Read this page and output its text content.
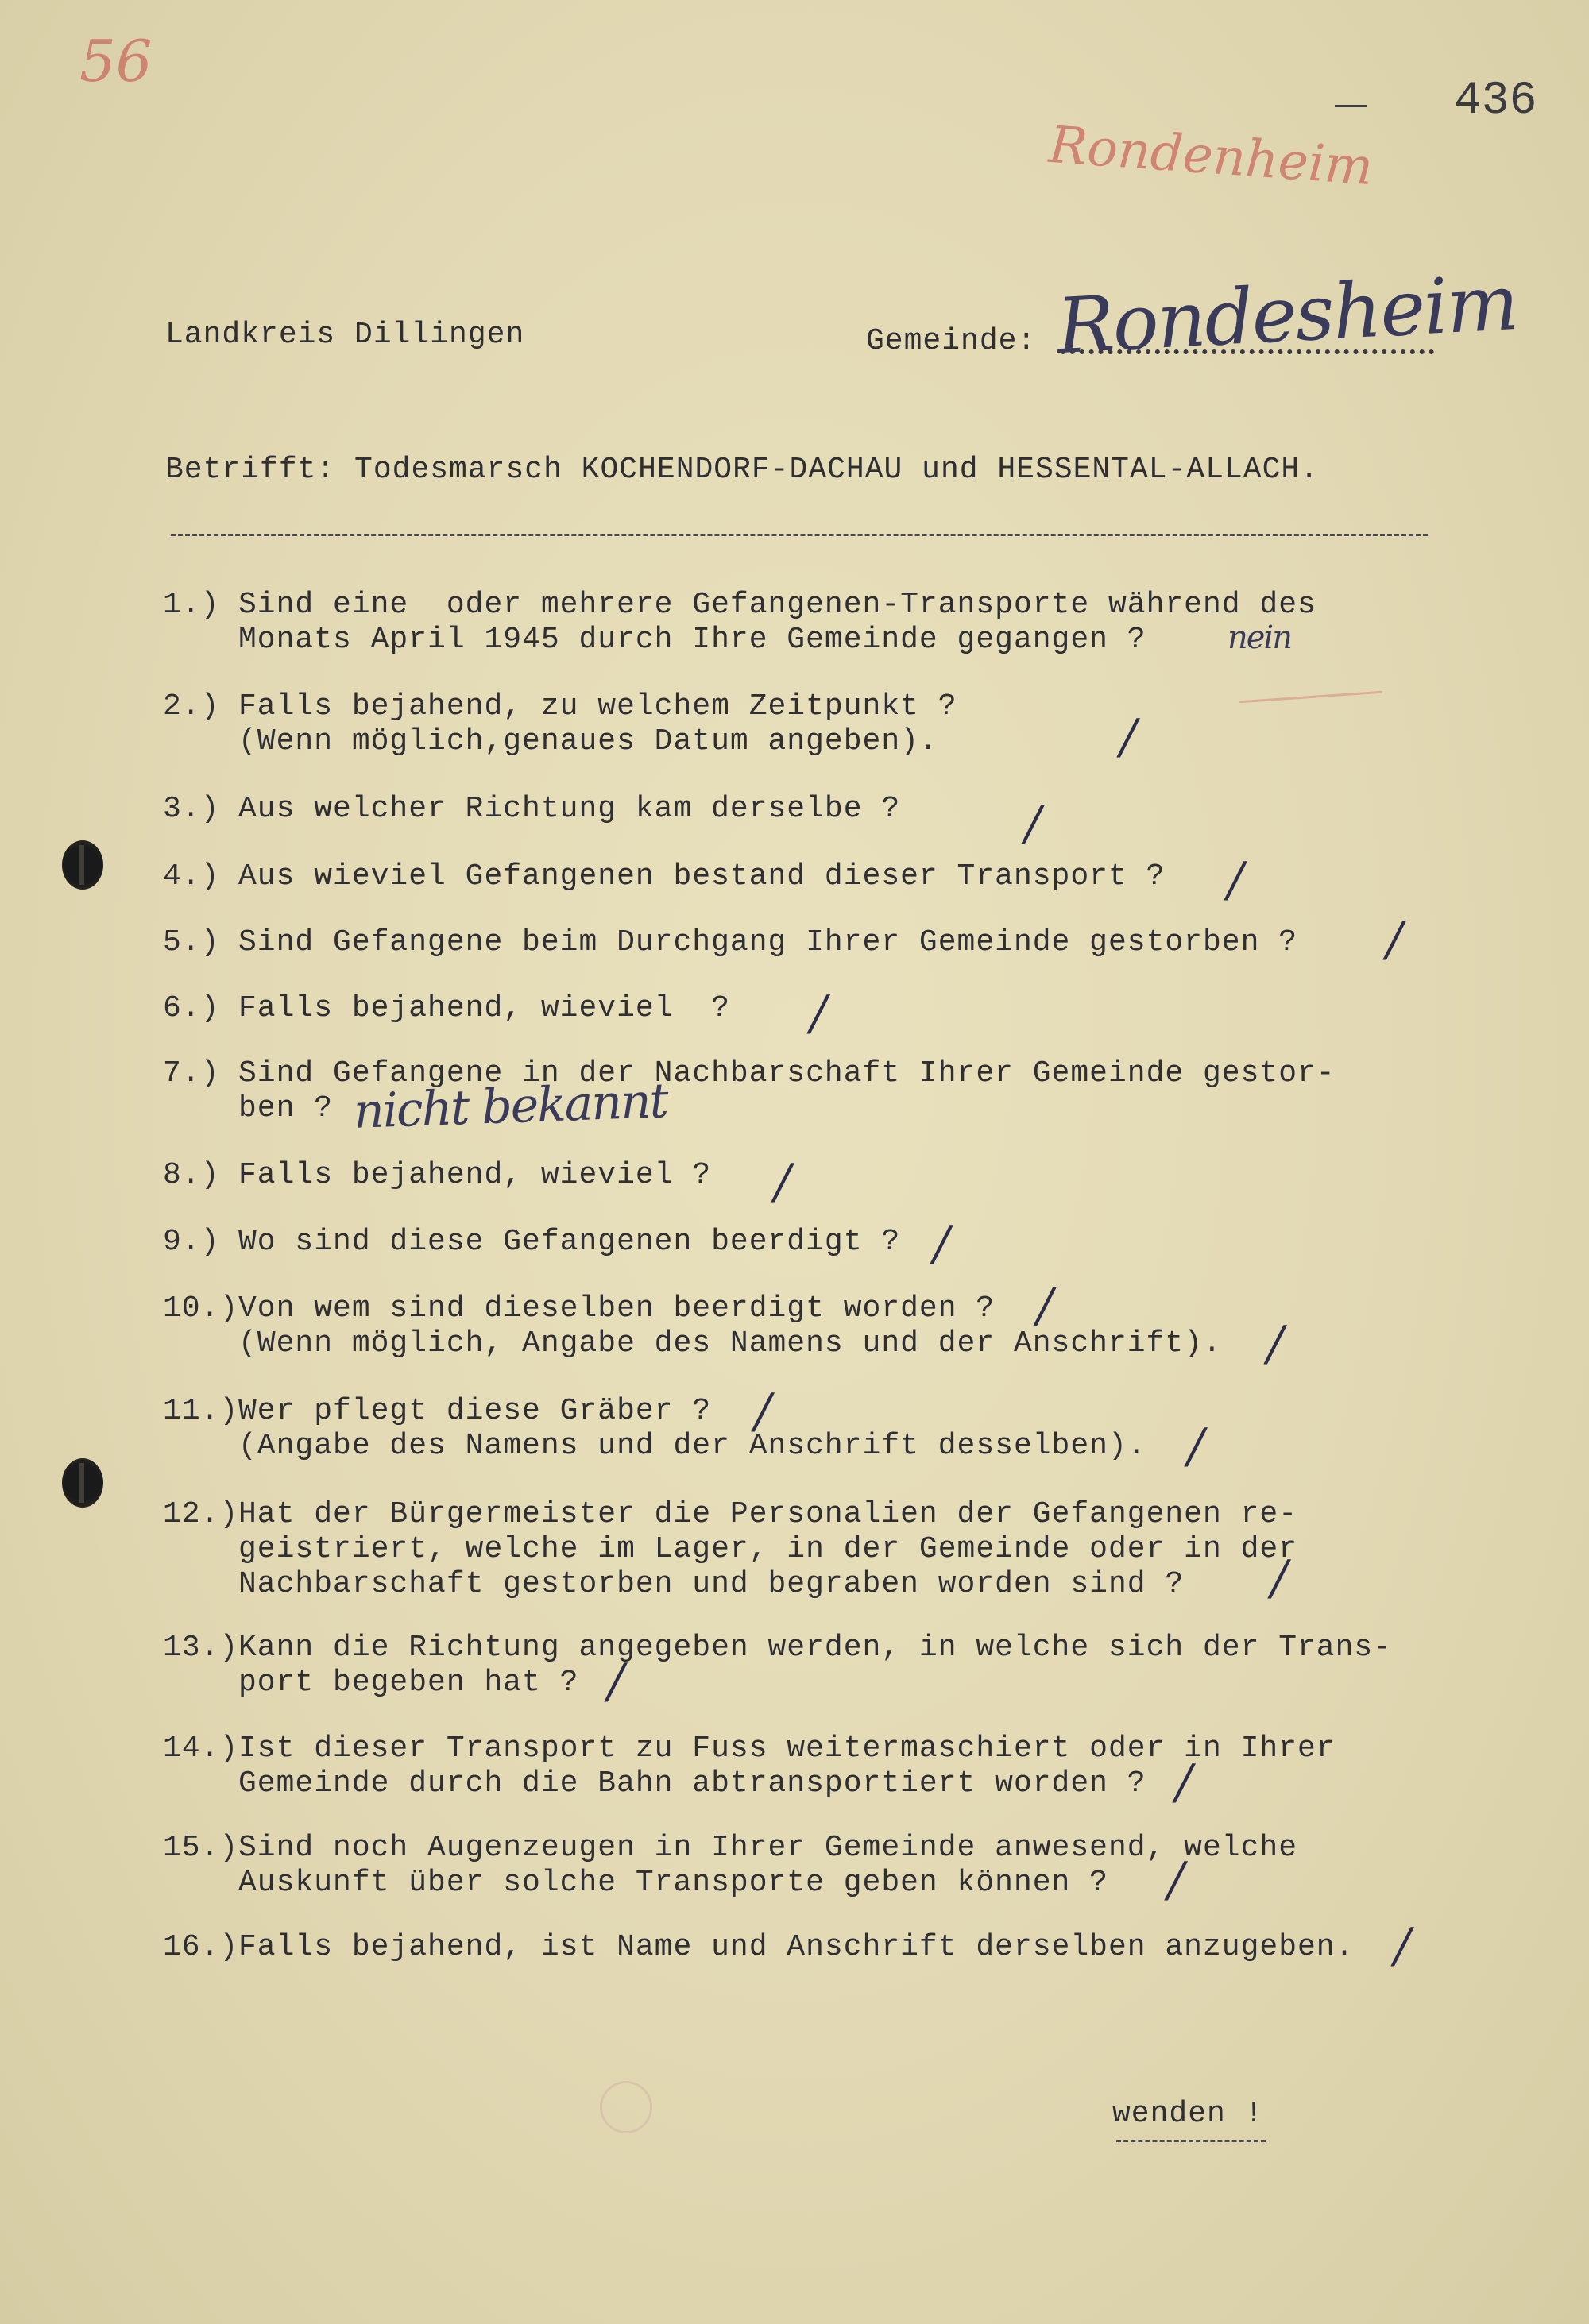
56
436
Rondenheim
Landkreis Dillingen	Gemeinde: Rondesheim
Betrifft: Todesmarsch KOCHENDORF-DACHAU und HESSENTAL-ALLACH.
1.) Sind eine  oder mehrere Gefangenen-Transporte während des
Monats April 1945 durch Ihre Gemeinde gegangen ?	nein
2.) Falls bejahend, zu welchem Zeitpunkt ?
(Wenn möglich,genaues Datum angeben).	/
3.) Aus welcher Richtung kam derselbe ?	/
4.) Aus wieviel Gefangenen bestand dieser Transport ? /
5.) Sind Gefangene beim Durchgang Ihrer Gemeinde gestorben ? /
6.) Falls bejahend, wieviel  ? /
7.) Sind Gefangene in der Nachbarschaft Ihrer Gemeinde gestor-
ben ? nicht bekannt
8.) Falls bejahend, wieviel ? /
9.) Wo sind diese Gefangenen beerdigt ? /
10.) Von wem sind dieselben beerdigt worden ?
(Wenn möglich, Angabe des Namens und der Anschrift).
/
/
11.) Wer pflegt diese Gräber ?
(Angabe des Namens und der Anschrift desselben).
/
/
12.) Hat der Bürgermeister die Personalien der Gefangenen re-
geistriert, welche im Lager, in der Gemeinde oder in der
Nachbarschaft gestorben und begraben worden sind ?	/
13.) Kann die Richtung angegeben werden, in welche sich der Trans-
port begeben hat ? /
14.) Ist dieser Transport zu Fuss weitermaschiert oder in Ihrer
Gemeinde durch die Bahn abtransportiert worden ? /
15.) Sind noch Augenzeugen in Ihrer Gemeinde anwesend, welche
Auskunft über solche Transporte geben können ?	/
16.) Falls bejahend, ist Name und Anschrift derselben anzugeben. /
wenden !
